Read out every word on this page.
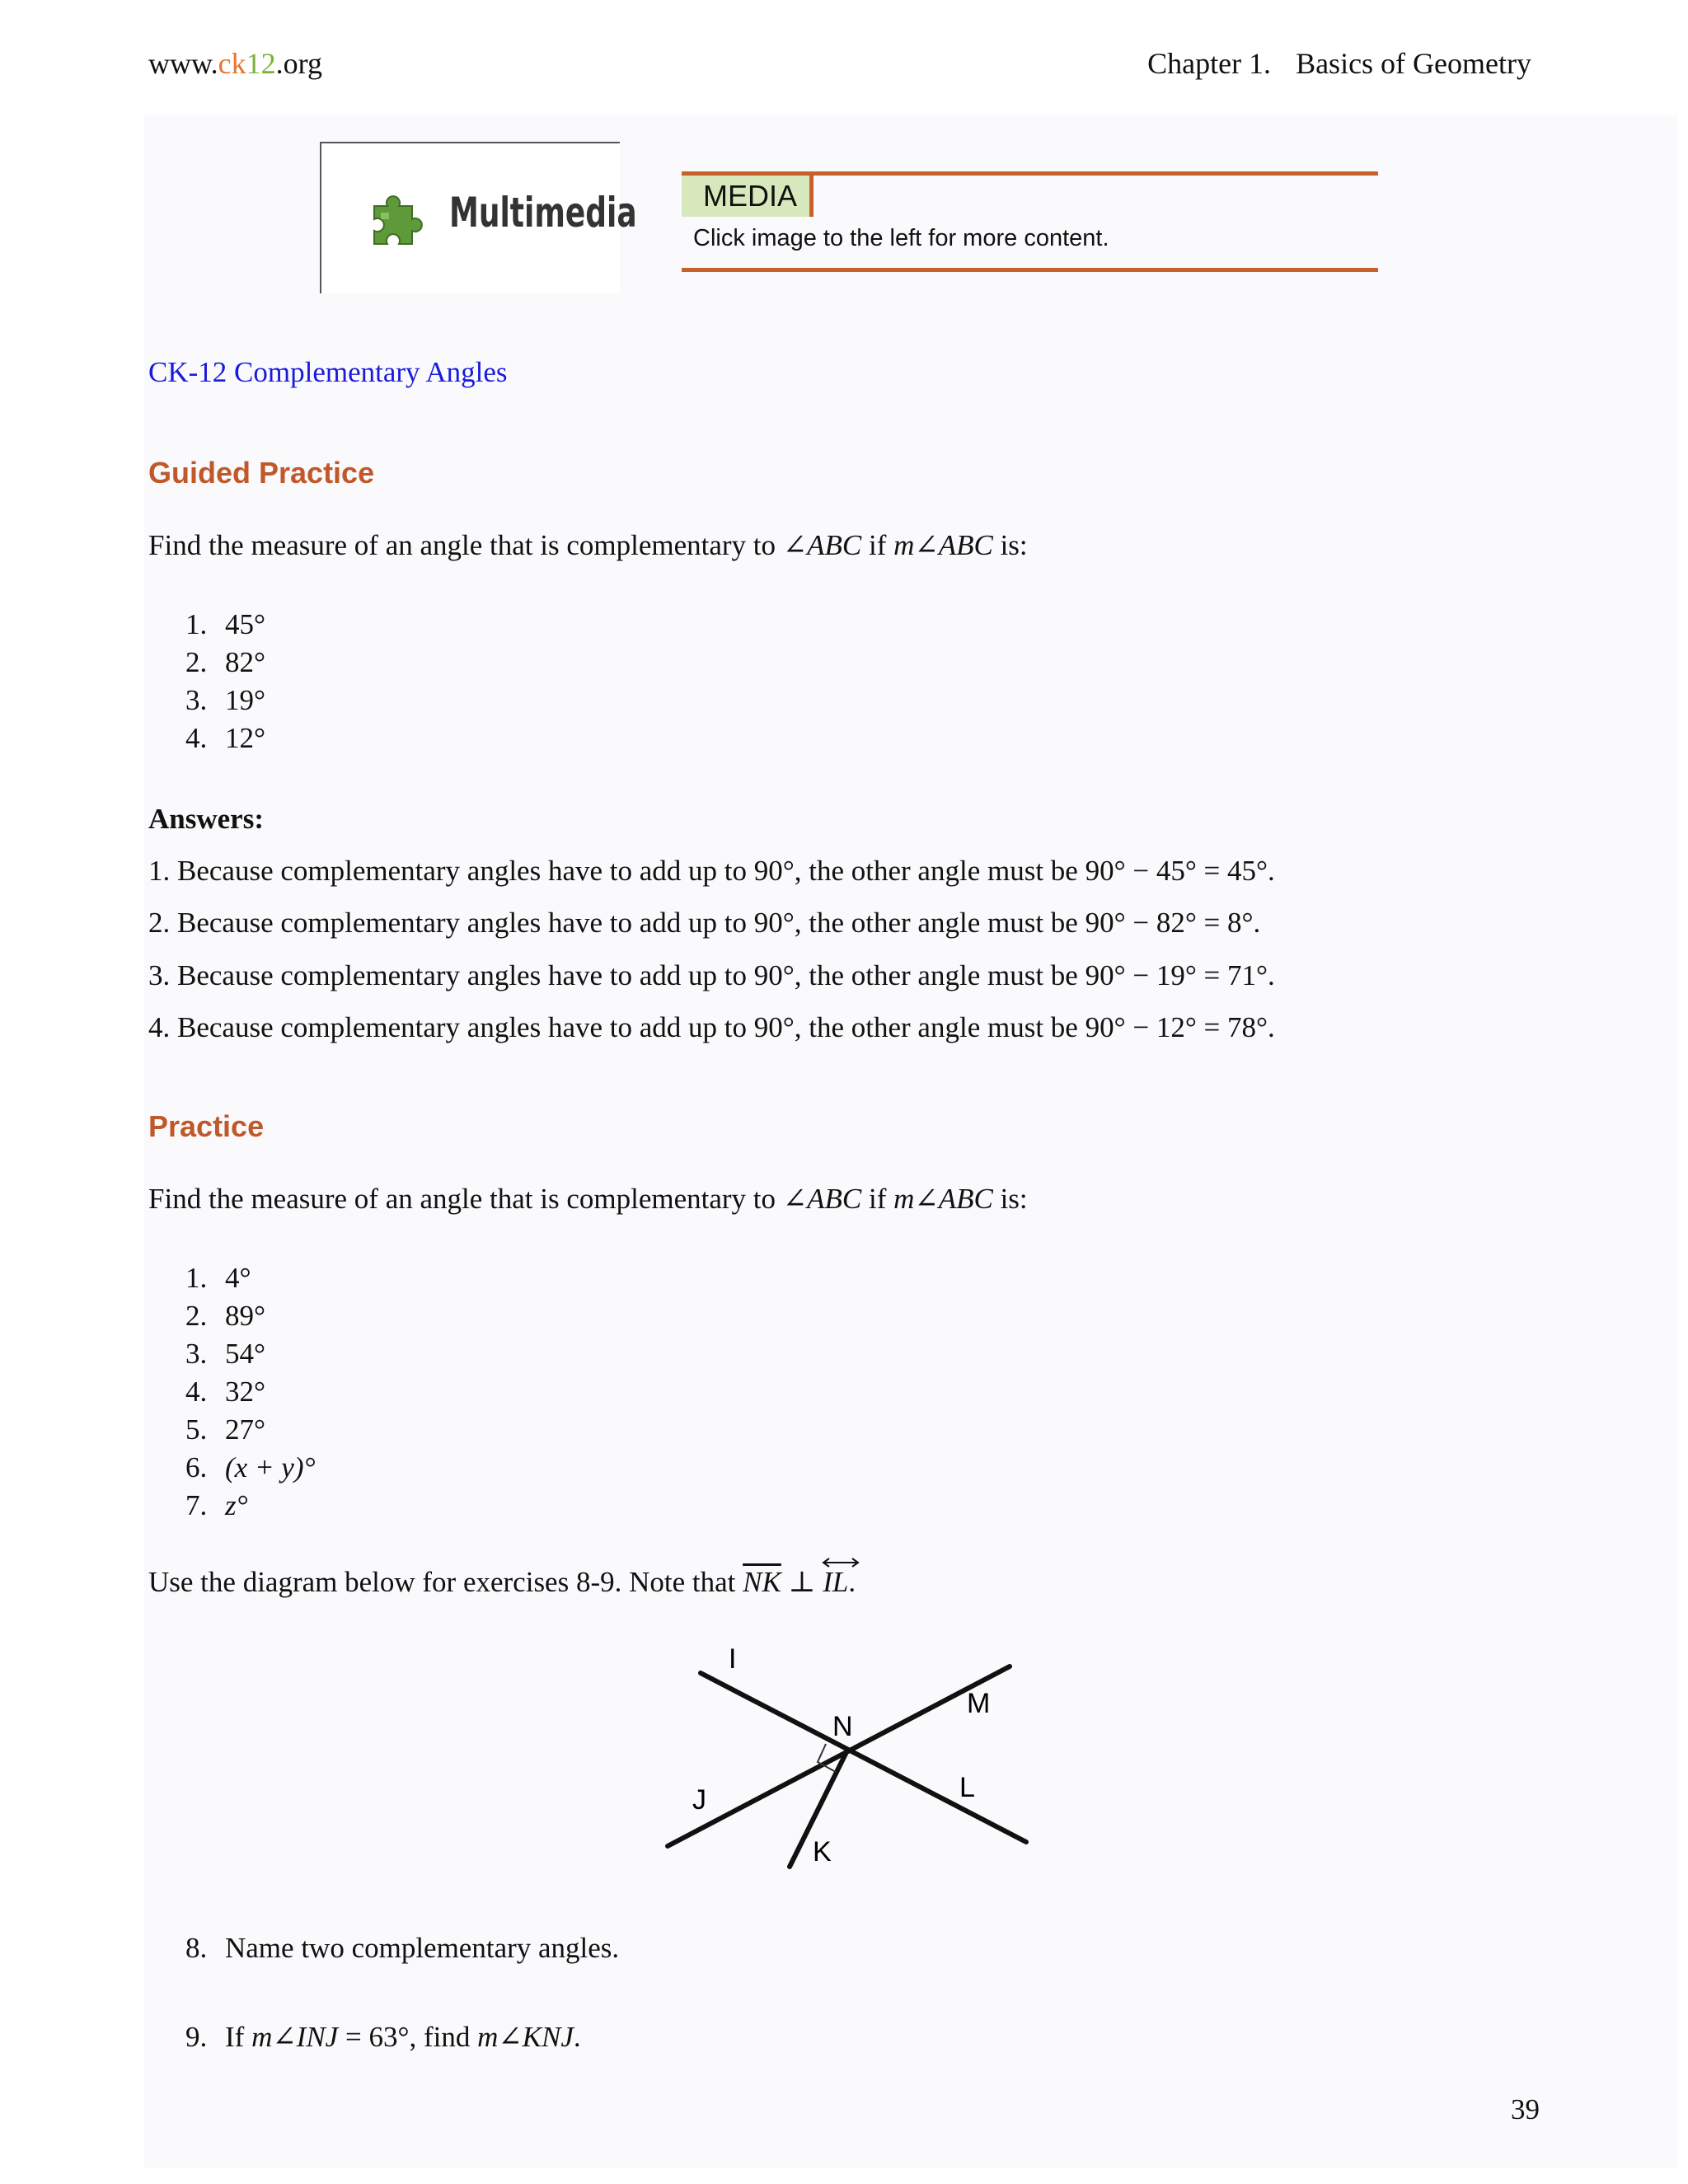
www.ck12.org	Chapter 1. Basics of Geometry
Multimedia	MEDIA
Click image to the left for more content.
CK-12 Complementary Angles
Guided Practice
Find the measure of an angle that is complementary to ∠ABC if m∠ABC is:
1. 45°
2. 82°
3. 19°
4. 12°
Answers:
1. Because complementary angles have to add up to 90°, the other angle must be 90° − 45° = 45°.
2. Because complementary angles have to add up to 90°, the other angle must be 90° − 82° = 8°.
3. Because complementary angles have to add up to 90°, the other angle must be 90° − 19° = 71°.
4. Because complementary angles have to add up to 90°, the other angle must be 90° − 12° = 78°.
Practice
Find the measure of an angle that is complementary to ∠ABC if m∠ABC is:
1. 4°
2. 89°
3. 54°
4. 32°
5. 27°
6. (x + y)°
7. z°
Use the diagram below for exercises 8-9. Note that $\overline{NK}$ ⊥
IL.
I
N
M
J	L
K
8. Name two complementary angles.
9. If m∠INJ = 63°, find m∠KNJ.
39
